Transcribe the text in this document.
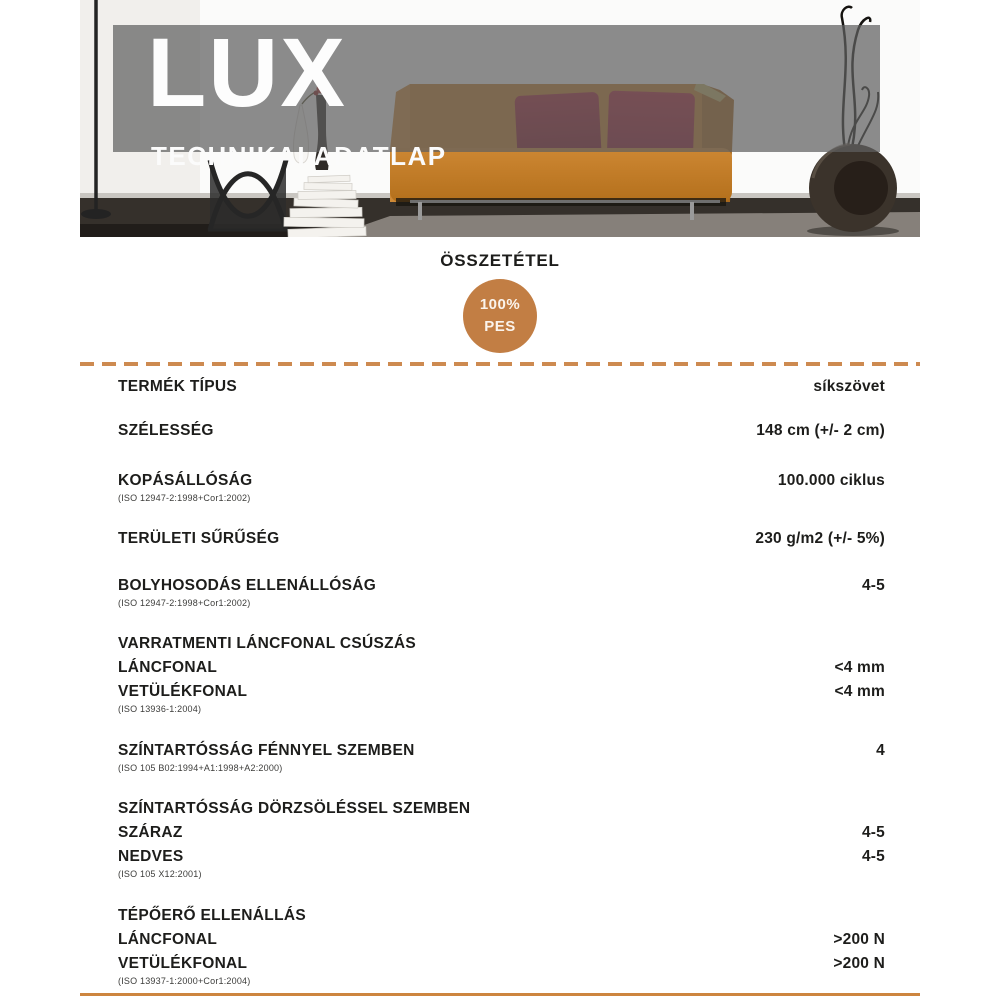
LUX
TECHNIKAI ADATLAP
ÖSSZETÉTEL
100%
PES
TERMÉK TÍPUS	síkszövet
SZÉLESSÉG	148 cm (+/- 2 cm)
KOPÁSÁLLÓSÁG	100.000 ciklus
(ISO 12947-2:1998+Cor1:2002)
TERÜLETI SŰRŰSÉG	230 g/m2 (+/- 5%)
BOLYHOSODÁS ELLENÁLLÓSÁG	4-5
(ISO 12947-2:1998+Cor1:2002)
VARRATMENTI LÁNCFONAL CSÚSZÁS
LÁNCFONAL	<4 mm
VETÜLÉKFONAL	<4 mm
(ISO 13936-1:2004)
SZÍNTARTÓSSÁG FÉNNYEL SZEMBEN	4
(ISO 105 B02:1994+A1:1998+A2:2000)
SZÍNTARTÓSSÁG DÖRZSÖLÉSSEL SZEMBEN
SZÁRAZ	4-5
NEDVES	4-5
(ISO 105 X12:2001)
TÉPŐERŐ ELLENÁLLÁS
LÁNCFONAL	>200 N
VETÜLÉKFONAL	>200 N
(ISO 13937-1:2000+Cor1:2004)
